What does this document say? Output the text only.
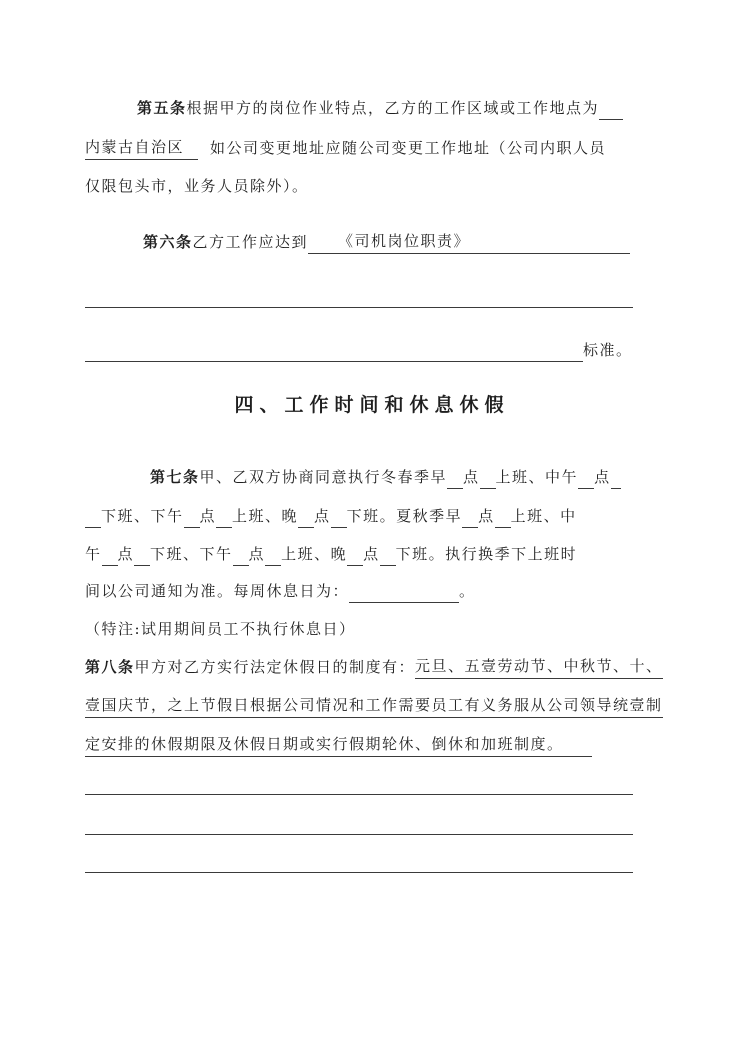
第五条根据甲方的岗位作业特点，乙方的工作区域或工作地点为
内蒙古自治区 如公司变更地址应随公司变更工作地址（公司内职人员
仅限包头市，业务人员除外）。
第六条乙方工作应达到 《司机岗位职责》
标准。
四、工作时间和休息休假
第七条甲、乙双方协商同意执行冬春季早 点 上班、中午 点
下班、下午 点 上班、晚 点 下班。夏秋季早 点 上班、中
午 点 下班、下午 点 上班、晚 点 下班。执行换季下上班时
间以公司通知为准。每周休息日为：	。
（特注:试用期间员工不执行休息日）
第八条甲方对乙方实行法定休假日的制度有：元旦、五壹劳动节、中秋节、十、
壹国庆节，之上节假日根据公司情况和工作需要员工有义务服从公司领导统壹制
定安排的休假期限及休假日期或实行假期轮休、倒休和加班制度。
